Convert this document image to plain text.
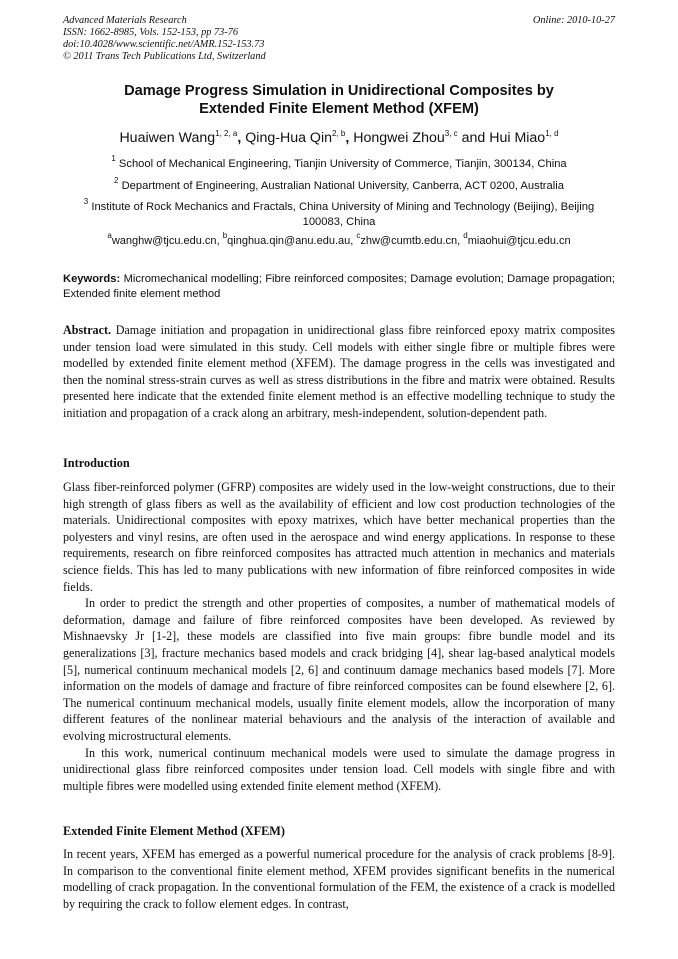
Advanced Materials Research
ISSN: 1662-8985, Vols. 152-153, pp 73-76
doi:10.4028/www.scientific.net/AMR.152-153.73
© 2011 Trans Tech Publications Ltd, Switzerland
Online: 2010-10-27
Damage Progress Simulation in Unidirectional Composites by
Extended Finite Element Method (XFEM)
Huaiwen Wang$^{1, 2, a}$, Qing-Hua Qin$^{2, b}$, Hongwei Zhou$^{3, c}$ and Hui Miao$^{1, d}$
$^1$ School of Mechanical Engineering, Tianjin University of Commerce, Tianjin, 300134, China
$^2$ Department of Engineering, Australian National University, Canberra, ACT 0200, Australia
$^3$ Institute of Rock Mechanics and Fractals, China University of Mining and Technology (Beijing), Beijing 100083, China
$^a$wanghw@tjcu.edu.cn, $^b$qinghua.qin@anu.edu.au, $^c$zhw@cumtb.edu.cn, $^d$miaohui@tjcu.edu.cn
Keywords: Micromechanical modelling; Fibre reinforced composites; Damage evolution; Damage propagation; Extended finite element method

Abstract. Damage initiation and propagation in unidirectional glass fibre reinforced epoxy matrix composites under tension load were simulated in this study. Cell models with either single fibre or multiple fibres were modelled by extended finite element method (XFEM). The damage progress in the cells was investigated and then the nominal stress-strain curves as well as stress distributions in the fibre and matrix were obtained. Results presented here indicate that the extended finite element method is an effective modelling technique to study the initiation and propagation of a crack along an arbitrary, mesh-independent, solution-dependent path.

Introduction

Glass fiber-reinforced polymer (GFRP) composites are widely used in the low-weight constructions, due to their high strength of glass fibers as well as the availability of efficient and low cost production technologies of the materials. Unidirectional composites with epoxy matrixes, which have better mechanical properties than the polyesters and vinyl resins, are often used in the aerospace and wind energy applications. In response to these requirements, research on fibre reinforced composites has attracted much attention in mechanics and materials science fields. This has led to many publications with new information of fibre reinforced composites in wide fields.

In order to predict the strength and other properties of composites, a number of mathematical models of deformation, damage and failure of fibre reinforced composites have been developed. As reviewed by Mishnaevsky Jr [1-2], these models are classified into five main groups: fibre bundle model and its generalizations [3], fracture mechanics based models and crack bridging [4], shear lag-based analytical models [5], numerical continuum mechanical models [2, 6] and continuum damage mechanics based models [7]. More information on the models of damage and fracture of fibre reinforced composites can be found elsewhere [2, 6]. The numerical continuum mechanical models, usually finite element models, allow the incorporation of many different features of the nonlinear material behaviours and the analysis of the interaction of available and evolving microstructural elements.

In this work, numerical continuum mechanical models were used to simulate the damage progress in unidirectional glass fibre reinforced composites under tension load. Cell models with single fibre and with multiple fibres were modelled using extended finite element method (XFEM).

Extended Finite Element Method (XFEM)

In recent years, XFEM has emerged as a powerful numerical procedure for the analysis of crack problems [8-9]. In comparison to the conventional finite element method, XFEM provides significant benefits in the numerical modelling of crack propagation. In the conventional formulation of the FEM, the existence of a crack is modelled by requiring the crack to follow element edges. In contrast,
